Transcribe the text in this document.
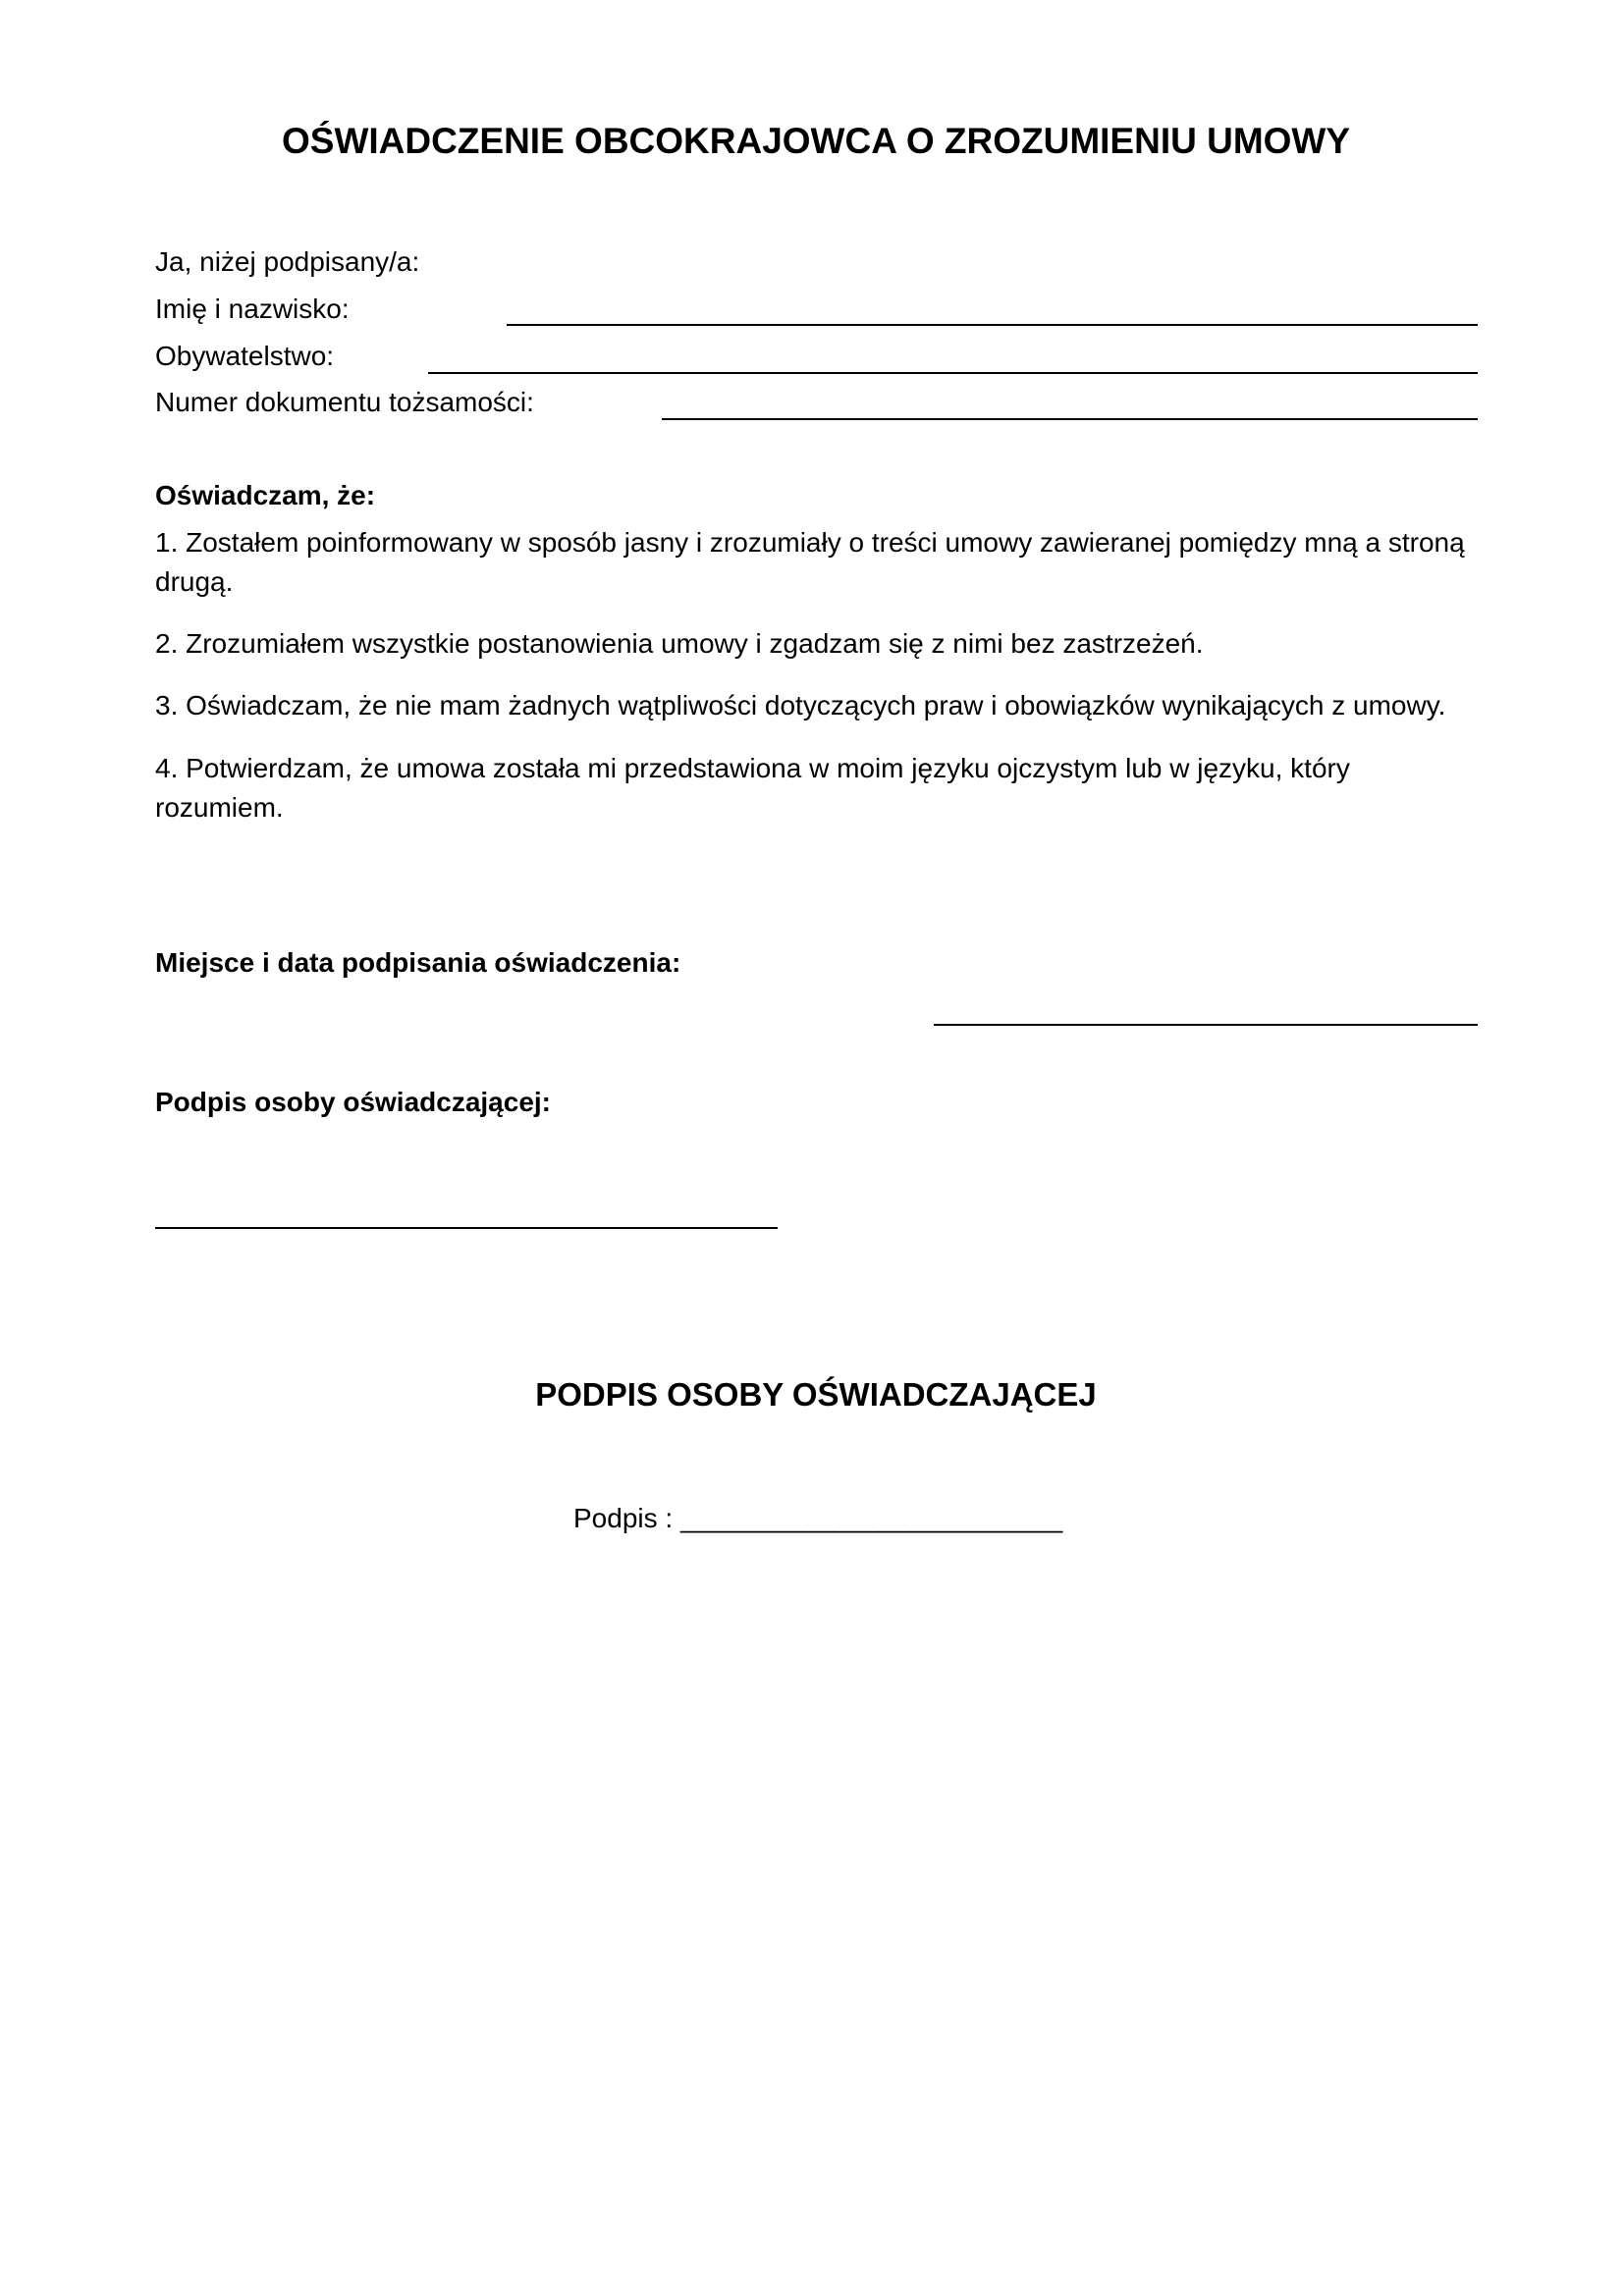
OŚWIADCZENIE OBCOKRAJOWCA O ZROZUMIENIU UMOWY
Ja, niżej podpisany/a:
Imię i nazwisko:
Obywatelstwo:
Numer dokumentu tożsamości:
Oświadczam, że:
1. Zostałem poinformowany w sposób jasny i zrozumiały o treści umowy zawieranej pomiędzy mną a stroną drugą.
2. Zrozumiałem wszystkie postanowienia umowy i zgadzam się z nimi bez zastrzeżeń.
3. Oświadczam, że nie mam żadnych wątpliwości dotyczących praw i obowiązków wynikających z umowy.
4. Potwierdzam, że umowa została mi przedstawiona w moim języku ojczystym lub w języku, który rozumiem.
Miejsce i data podpisania oświadczenia:
Podpis osoby oświadczającej:
PODPIS OSOBY OŚWIADCZAJĄCEJ
Podpis : _________________________
